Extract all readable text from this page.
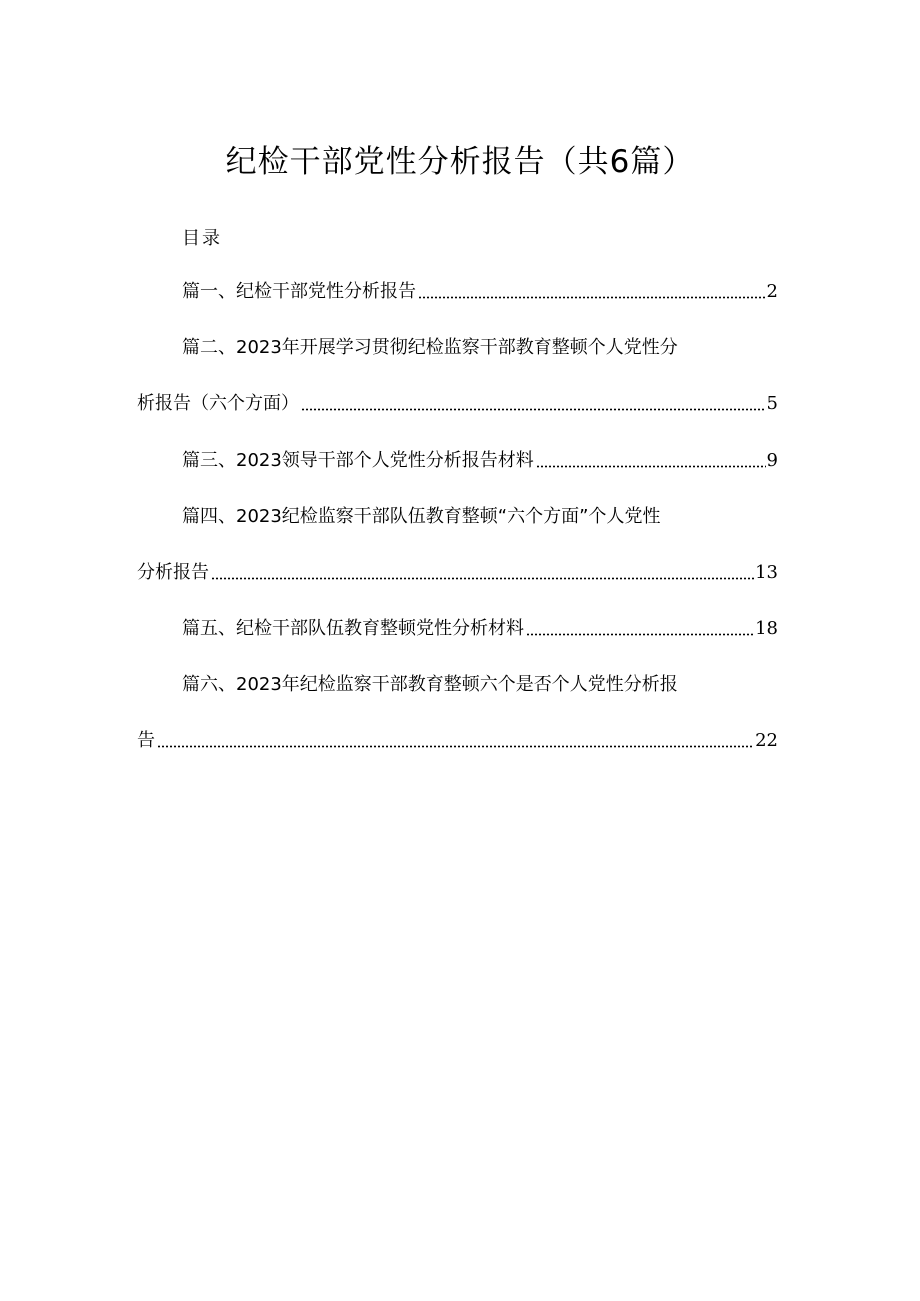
纪检干部党性分析报告（共6篇）
目录
篇一、纪检干部党性分析报告	2
篇二、2023年开展学习贯彻纪检监察干部教育整顿个人党性分
析报告（六个方面）	5
篇三、2023领导干部个人党性分析报告材料	9
篇四、2023纪检监察干部队伍教育整顿“六个方面”个人党性
分析报告	13
篇五、纪检干部队伍教育整顿党性分析材料	18
篇六、2023年纪检监察干部教育整顿六个是否个人党性分析报
告	22
